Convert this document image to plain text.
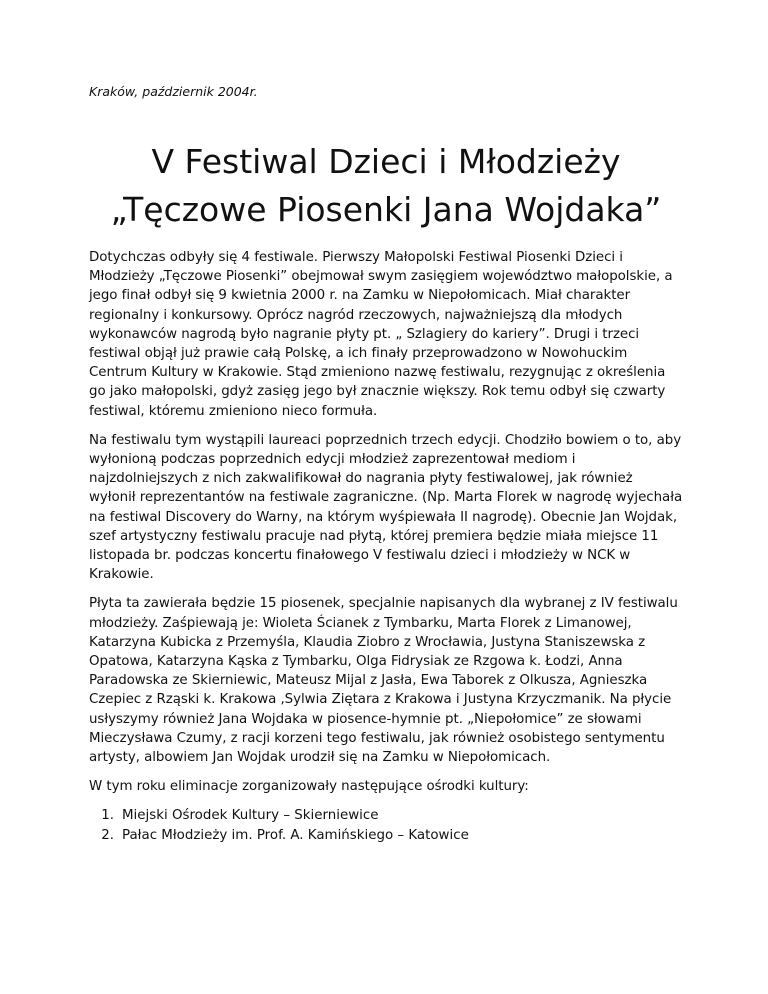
Kraków, październik 2004r.
V Festiwal Dzieci i Młodzieży
„Tęczowe Piosenki Jana Wojdaka”

Dotychczas odbyły się 4 festiwale. Pierwszy Małopolski Festiwal Piosenki Dzieci i Młodzieży „Tęczowe Piosenki” obejmował swym zasięgiem województwo małopolskie, a jego finał odbył się 9 kwietnia 2000 r. na Zamku w Niepołomicach. Miał charakter regionalny i konkursowy. Oprócz nagród rzeczowych, najważniejszą dla młodych wykonawców nagrodą było nagranie płyty pt. „ Szlagiery do kariery”. Drugi i trzeci festiwal objął już prawie całą Polskę, a ich finały przeprowadzono w Nowohuckim Centrum Kultury w Krakowie. Stąd zmieniono nazwę festiwalu, rezygnując z określenia go jako małopolski, gdyż zasięg jego był znacznie większy. Rok temu odbył się czwarty festiwal, któremu zmieniono nieco formuła.

Na festiwalu tym wystąpili laureaci poprzednich trzech edycji. Chodziło bowiem o to, aby wyłonioną podczas poprzednich edycji młodzież zaprezentował mediom i najzdolniejszych z nich zakwalifikował do nagrania płyty festiwalowej, jak również wyłonił reprezentantów na festiwale zagraniczne. (Np. Marta Florek w nagrodę wyjechała na festiwal Discovery do Warny, na którym wyśpiewała II nagrodę). Obecnie Jan Wojdak, szef artystyczny festiwalu pracuje nad płytą, której premiera będzie miała miejsce 11 listopada br. podczas koncertu finałowego V festiwalu dzieci i młodzieży w NCK w Krakowie.

Płyta ta zawierała będzie 15 piosenek, specjalnie napisanych dla wybranej z IV festiwalu młodzieży. Zaśpiewają je: Wioleta Ścianek z Tymbarku, Marta Florek z Limanowej, Katarzyna Kubicka z Przemyśla, Klaudia Ziobro z Wrocławia, Justyna Staniszewska z Opatowa, Katarzyna Kąska z Tymbarku, Olga Fidrysiak ze Rzgowa k. Łodzi, Anna Paradowska ze Skierniewic, Mateusz Mijal z Jasła, Ewa Taborek z Olkusza, Agnieszka Czepiec z Rząski k. Krakowa ,Sylwia Ziętara z Krakowa i Justyna Krzyczmanik. Na płycie usłyszymy również Jana Wojdaka w piosence-hymnie pt. „Niepołomice” ze słowami Mieczysława Czumy, z racji korzeni tego festiwalu, jak również osobistego sentymentu artysty, albowiem Jan Wojdak urodził się na Zamku w Niepołomicach.

W tym roku eliminacje zorganizowały następujące ośrodki kultury:

1. Miejski Ośrodek Kultury – Skierniewice
2. Pałac Młodzieży im. Prof. A. Kamińskiego – Katowice
